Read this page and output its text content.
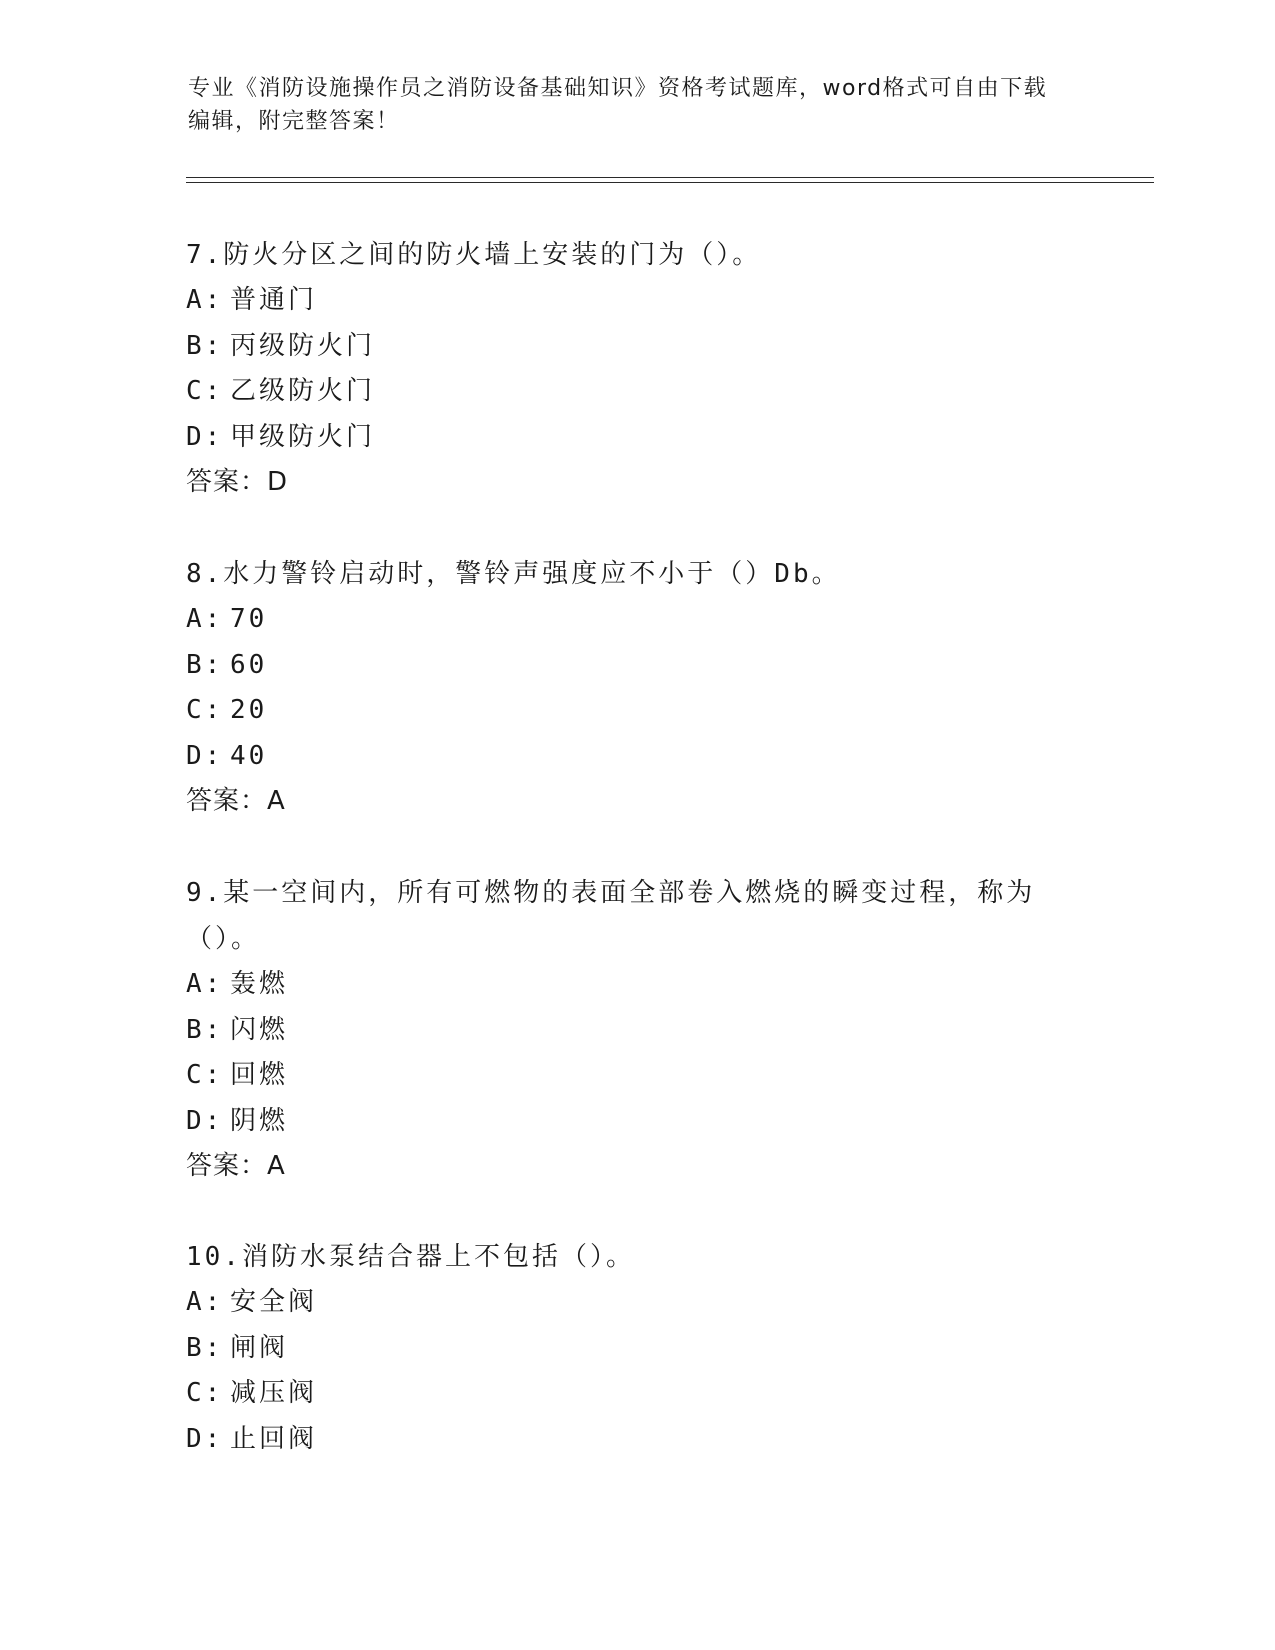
专业《消防设施操作员之消防设备基础知识》资格考试题库，word格式可自由下载编辑，附完整答案！

7.防火分区之间的防火墙上安装的门为（）。

A: 普通门
B: 丙级防火门
C: 乙级防火门
D: 甲级防火门
答案：D

8.水力警铃启动时，警铃声强度应不小于（）Db。

A: 70
B: 60
C: 20
D: 40
答案：A

9.某一空间内，所有可燃物的表面全部卷入燃烧的瞬变过程，称为（）。

A: 轰燃
B: 闪燃
C: 回燃
D: 阴燃
答案：A

10.消防水泵结合器上不包括（）。

A: 安全阀
B: 闸阀
C: 减压阀
D: 止回阀
